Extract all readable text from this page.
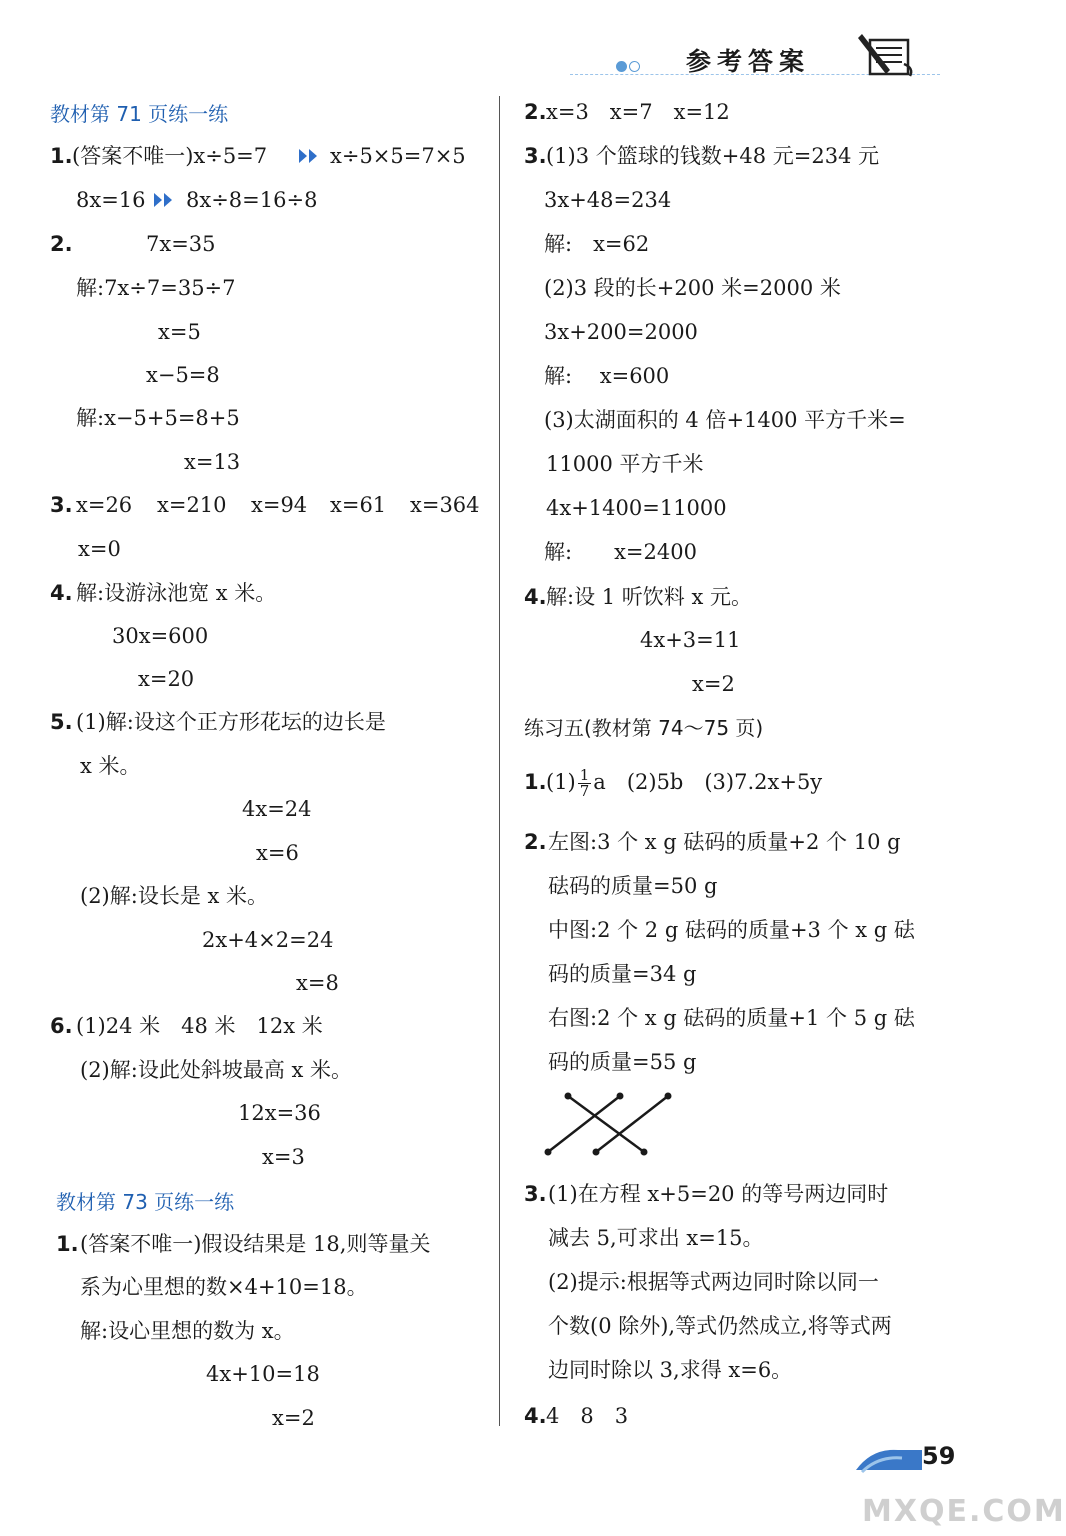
参考答案
教材第 71 页练一练
1. (答案不唯一)x÷5=7	x÷5×5=7×5
8x=16 8x÷8=16÷8
2.	7x=35
解:7x÷7=35÷7
x=5
x−5=8
解:x−5+5=8+5
x=13
3. x=26 x=210 x=94 x=61 x=364
x=0
4. 解:设游泳池宽 x 米。
30x=600
x=20
5. (1)解:设这个正方形花坛的边长是
x 米。
4x=24
x=6
(2)解:设长是 x 米。
2x+4×2=24
x=8
6. (1)24 米　48 米　12x 米
(2)解:设此处斜坡最高 x 米。
12x=36
x=3
教材第 73 页练一练
1. (答案不唯一)假设结果是 18,则等量关
系为心里想的数×4+10=18。
解:设心里想的数为 x。
4x+10=18
x=2
2. x=3　x=7　x=12
3. (1)3 个篮球的钱数+48 元=234 元
3x+48=234
解:　x=62
(2)3 段的长+200 米=2000 米
3x+200=2000
解:　 x=600
(3)太湖面积的 4 倍+1400 平方千米=
11000 平方千米
4x+1400=11000
解:　　x=2400
4. 解:设 1 听饮料 x 元。
4x+3=11
x=2
练习五(教材第 74～75 页)
1. $(1) \frac{1}{7}$ a　(2)5b　(3)7.2x+5y
2. 左图:3 个 x g 砝码的质量+2 个 10 g
砝码的质量=50 g
中图:2 个 2 g 砝码的质量+3 个 x g 砝
码的质量=34 g
右图:2 个 x g 砝码的质量+1 个 5 g 砝
码的质量=55 g
3. (1)在方程 x+5=20 的等号两边同时
减去 5,可求出 x=15。
(2)提示:根据等式两边同时除以同一
个数(0 除外),等式仍然成立,将等式两
边同时除以 3,求得 x=6。
4. 4　8　3
59
MXQE.COM
